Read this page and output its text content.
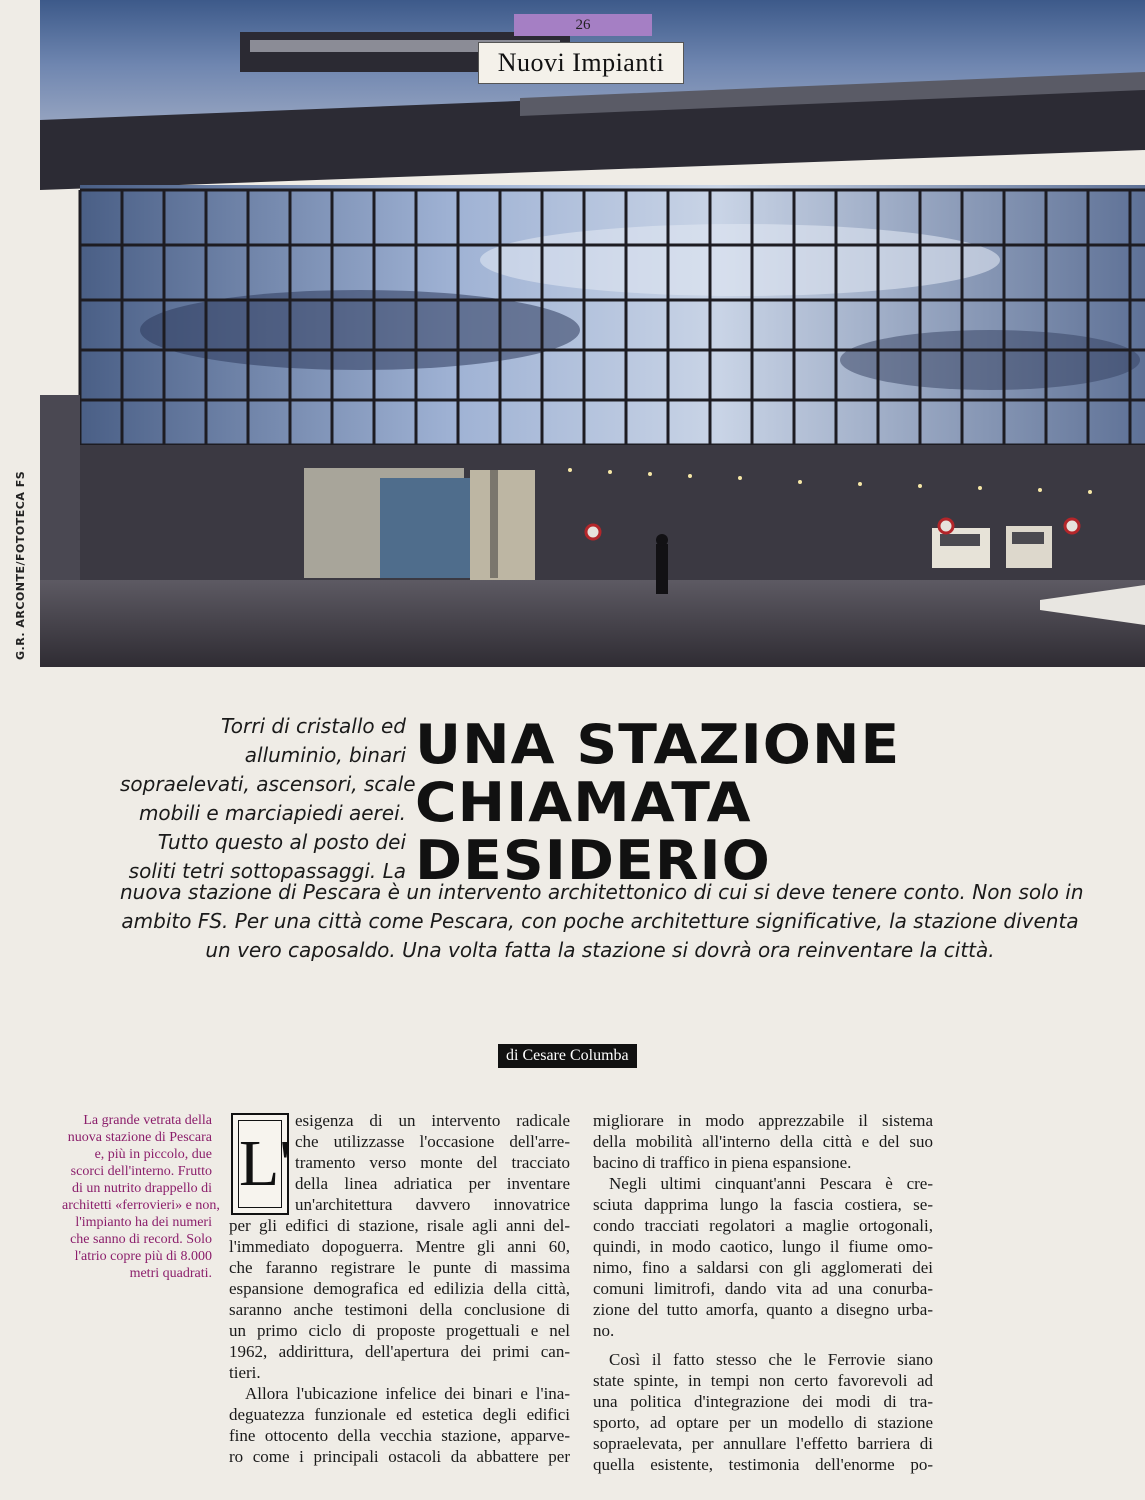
G.R. ARCONTE/FOTOTECA FS
26
Nuovi Impianti
Torri di cristallo ed
alluminio, binari
sopraelevati, ascensori, scale
mobili e marciapiedi aerei.
Tutto questo al posto dei
soliti tetri sottopassaggi. La
UNA STAZIONE
CHIAMATA
DESIDERIO
nuova stazione di Pescara è un intervento architettonico di cui si deve tenere conto. Non solo in
ambito FS. Per una città come Pescara, con poche architetture significative, la stazione diventa
un vero caposaldo. Una volta fatta la stazione si dovrà ora reinventare la città.
di Cesare Columba
La grande vetrata della
nuova stazione di Pescara
e, più in piccolo, due
scorci dell'interno. Frutto
di un nutrito drappello di
architetti «ferrovieri» e non,
l'impianto ha dei numeri
che sanno di record. Solo
l'atrio copre più di 8.000
metri quadrati.
L'
esigenza di un intervento radicale
che utilizzasse l'occasione dell'arre-
tramento verso monte del tracciato
della linea adriatica per inventare
un'architettura davvero innovatrice
per gli edifici di stazione, risale agli anni del-
l'immediato dopoguerra. Mentre gli anni 60,
che faranno registrare le punte di massima
espansione demografica ed edilizia della città,
saranno anche testimoni della conclusione di
un primo ciclo di proposte progettuali e nel
1962, addirittura, dell'apertura dei primi can-
tieri.
Allora l'ubicazione infelice dei binari e l'ina-
deguatezza funzionale ed estetica degli edifici
fine ottocento della vecchia stazione, apparve-
ro come i principali ostacoli da abbattere per
migliorare in modo apprezzabile il sistema
della mobilità all'interno della città e del suo
bacino di traffico in piena espansione.
Negli ultimi cinquant'anni Pescara è cre-
sciuta dapprima lungo la fascia costiera, se-
condo tracciati regolatori a maglie ortogonali,
quindi, in modo caotico, lungo il fiume omo-
nimo, fino a saldarsi con gli agglomerati dei
comuni limitrofi, dando vita ad una conurba-
zione del tutto amorfa, quanto a disegno urba-
no.
Così il fatto stesso che le Ferrovie siano
state spinte, in tempi non certo favorevoli ad
una politica d'integrazione dei modi di tra-
sporto, ad optare per un modello di stazione
sopraelevata, per annullare l'effetto barriera di
quella esistente, testimonia dell'enorme po-
